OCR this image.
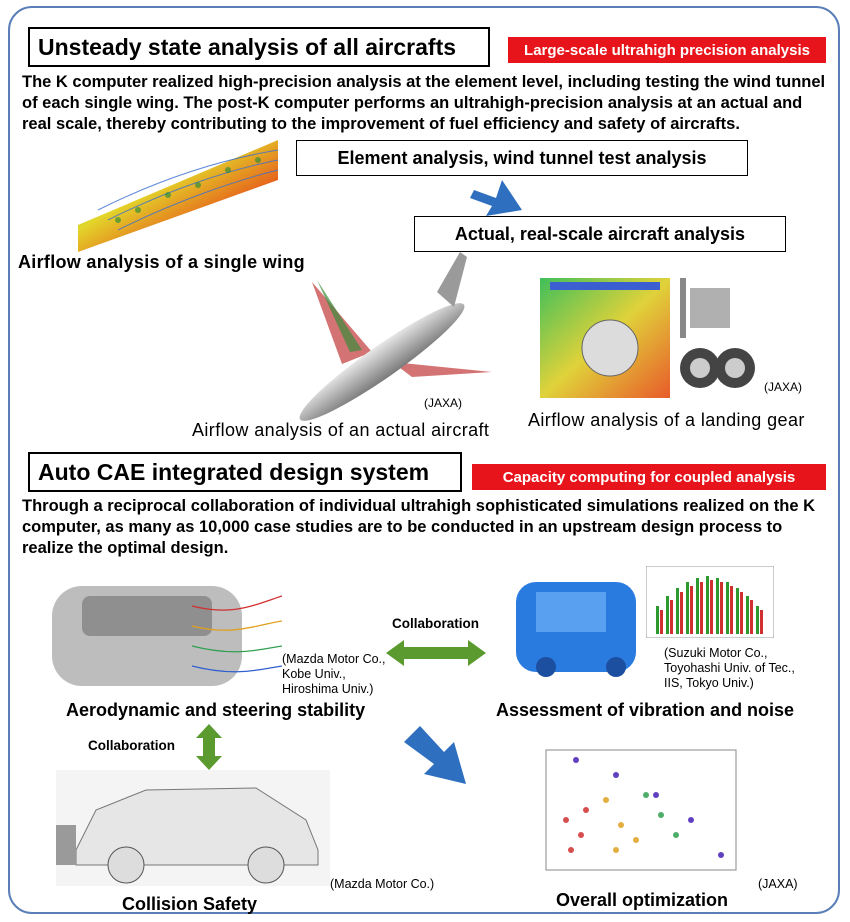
Unsteady state analysis of all aircrafts	Large-scale ultrahigh precision analysis
The K computer realized high-precision analysis at the element level, including testing the wind tunnel of each single wing. The post-K computer performs an ultrahigh-precision analysis at an actual and real scale, thereby contributing to the improvement of fuel efficiency and safety of aircrafts.
Airflow analysis of a single wing
Element analysis, wind tunnel test analysis
Actual, real-scale aircraft analysis
(JAXA)
Airflow analysis of an actual aircraft
(JAXA)
Airflow analysis of a landing gear
Auto CAE integrated design system	Capacity computing for coupled analysis
Through a reciprocal collaboration of individual ultrahigh sophisticated simulations realized on the K computer, as many as 10,000 case studies are to be conducted in an upstream design process to realize the optimal design.
(Mazda Motor Co.,
Kobe Univ.,
Hiroshima Univ.)
Collaboration
(Suzuki Motor Co.,
Toyohashi Univ. of Tec.,
IIS, Tokyo Univ.)
Aerodynamic and steering stability	Assessment of vibration and noise
Collaboration
(Mazda Motor Co.)
Collision Safety
(JAXA)
Overall optimization
